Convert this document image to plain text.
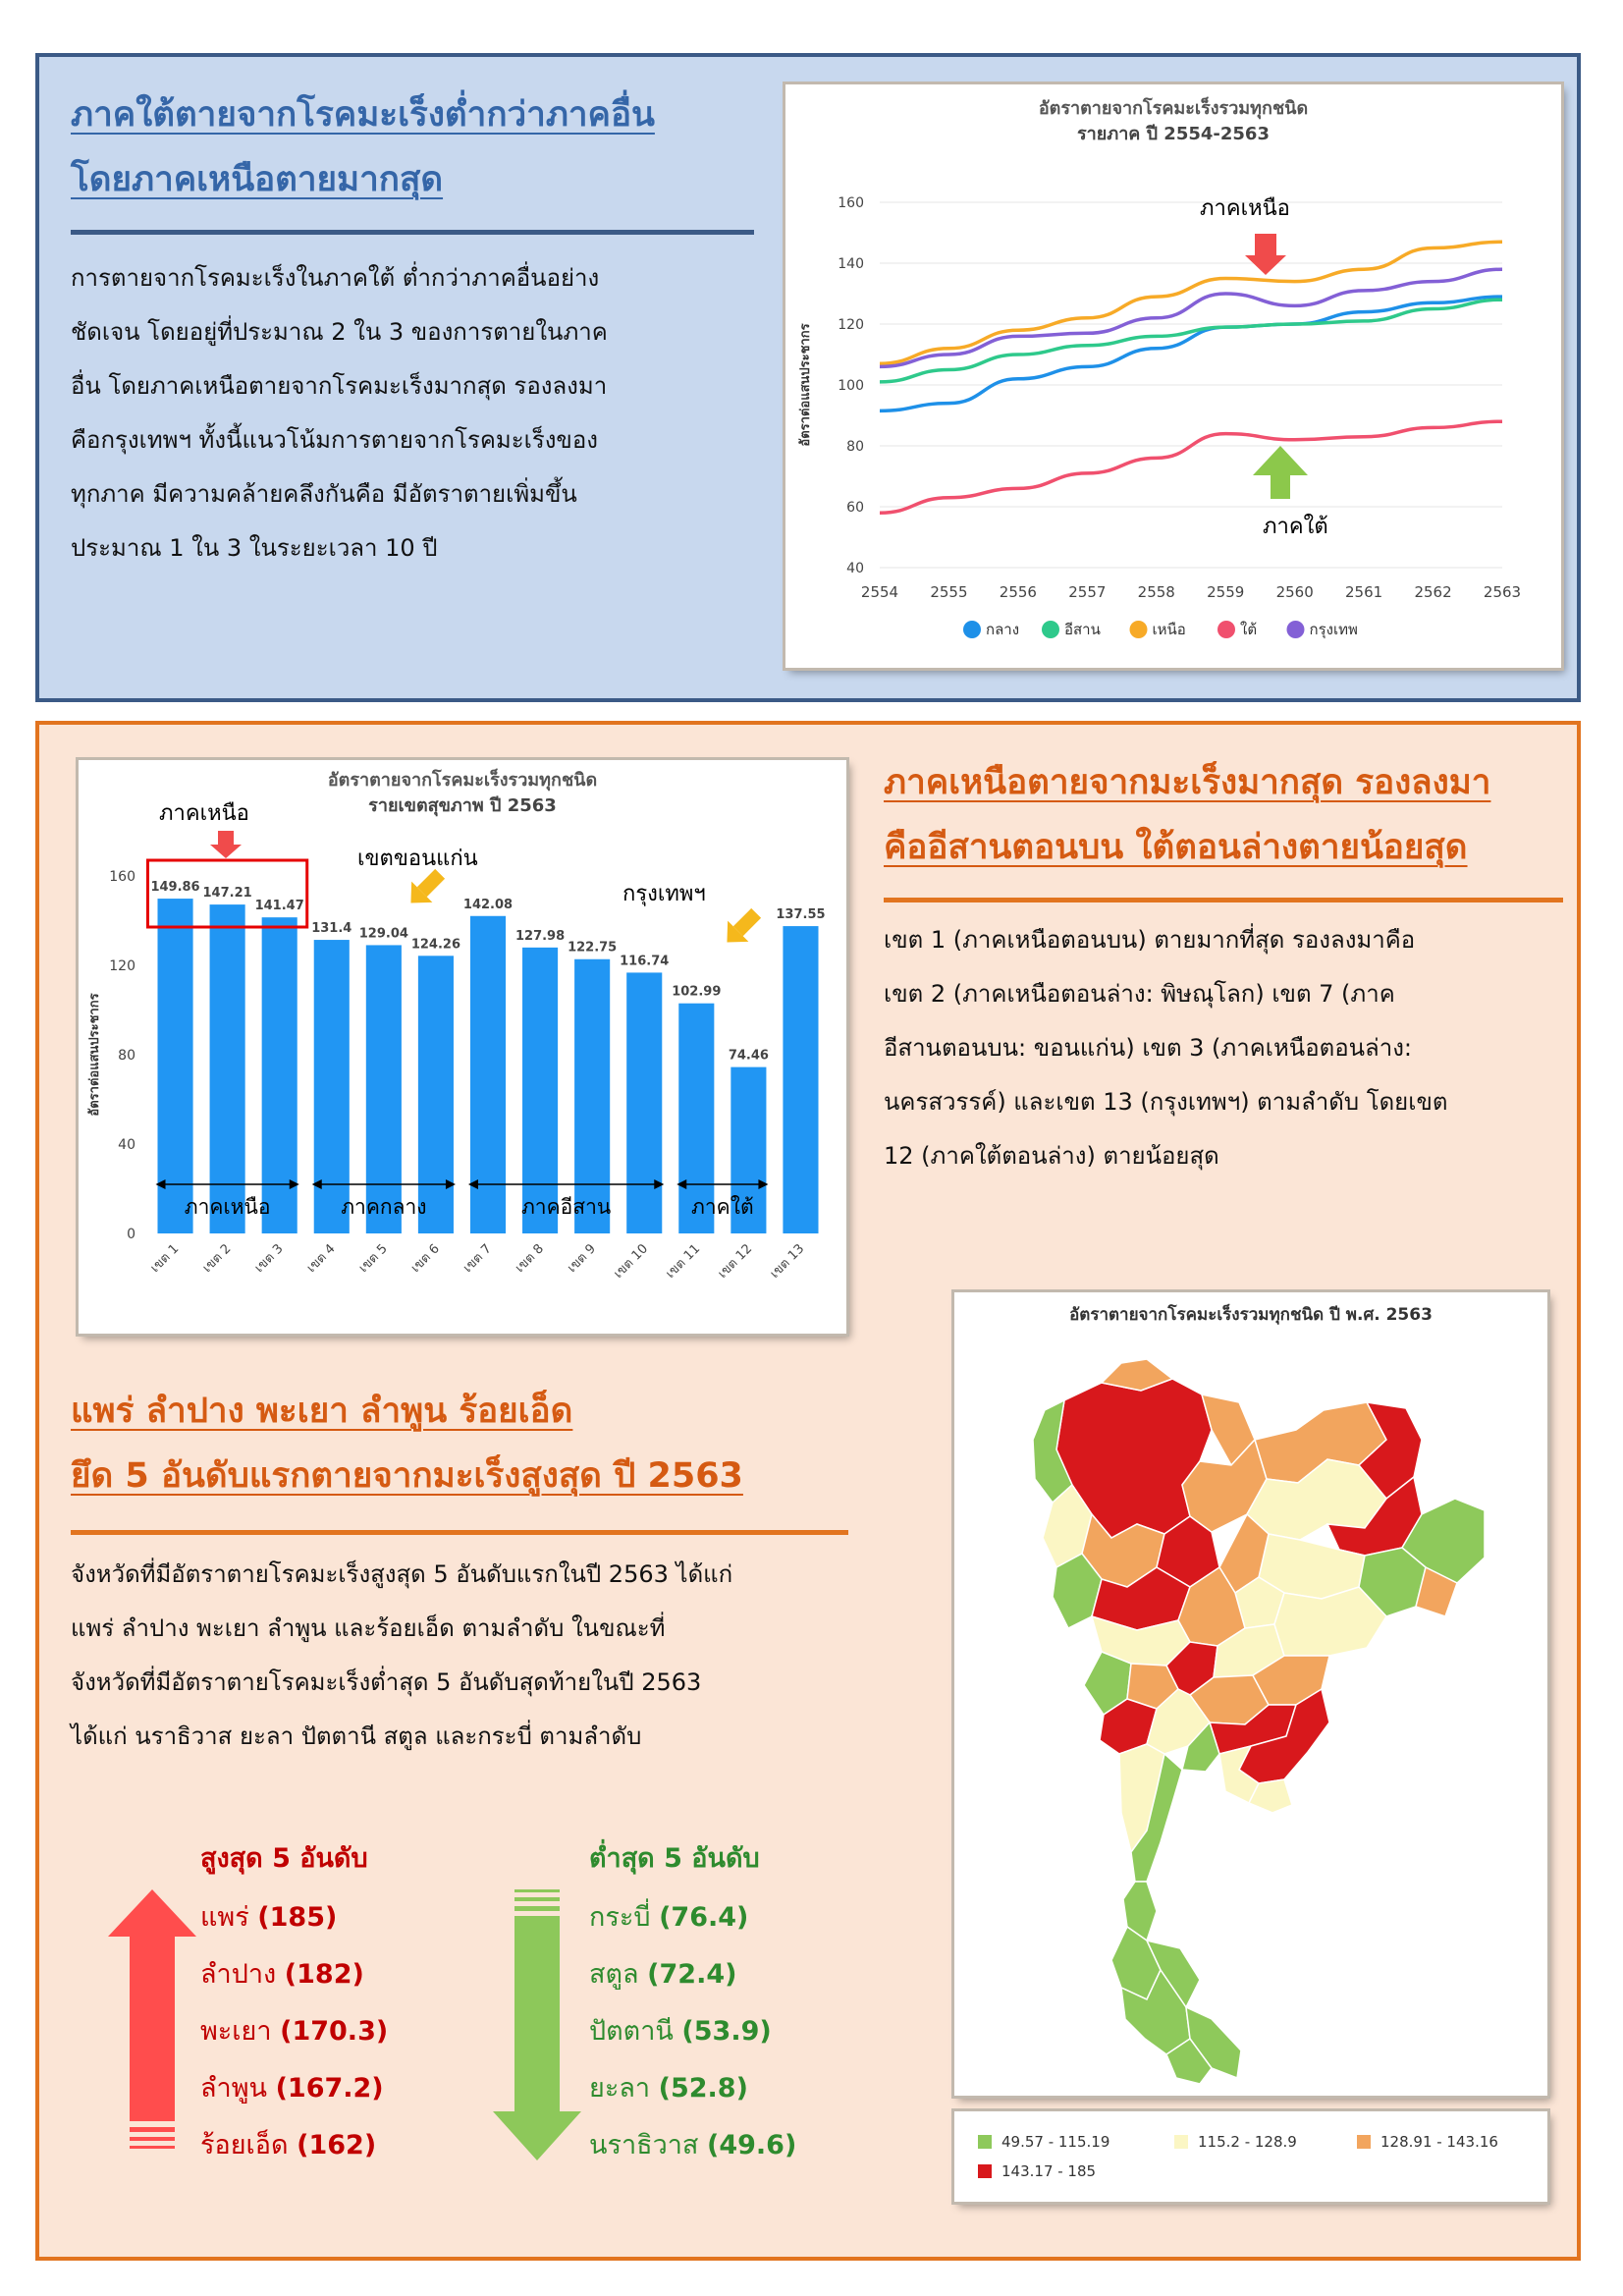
ภาคใต้ตายจากโรคมะเร็งต่ำกว่าภาคอื่น
โดยภาคเหนือตายมากสุด
การตายจากโรคมะเร็งในภาคใต้ ต่ำกว่าภาคอื่นอย่าง
ชัดเจน โดยอยู่ที่ประมาณ 2 ใน 3 ของการตายในภาค
อื่น โดยภาคเหนือตายจากโรคมะเร็งมากสุด รองลงมา
คือกรุงเทพฯ ทั้งนี้แนวโน้มการตายจากโรคมะเร็งของ
ทุกภาค มีความคล้ายคลึงกันคือ มีอัตราตายเพิ่มขึ้น
ประมาณ 1 ใน 3 ในระยะเวลา 10 ปี
อัตราตายจากโรคมะเร็งรวมทุกชนิด
รายภาค ปี 2554-2563
40
60
80
100
120
140
160
2554 2555 2556 2557 2558 2559 2560 2561 2562 2563
อัตราต่อแสนประชากร
กลาง	อีสาน	เหนือ	ใต้	กรุงเทพ
ภาคเหนือ
ภาคใต้
อัตราตายจากโรคมะเร็งรวมทุกชนิด
รายเขตสุขภาพ ปี 2563
0
40
80
120
160
อัตราต่อแสนประชากร
149.86
เขต 1
147.21
เขต 2
141.47
เขต 3
131.4
เขต 4
129.04
เขต 5
124.26
เขต 6
142.08
เขต 7
127.98
เขต 8
122.75
เขต 9
116.74
เขต 10
102.99
เขต 11
74.46
เขต 12
137.55
เขต 13
ภาคเหนือ	ภาคกลาง	ภาคอีสาน	ภาคใต้
ภาคเหนือ
เขตขอนแก่น
กรุงเทพฯ
ภาคเหนือตายจากมะเร็งมากสุด รองลงมา
คืออีสานตอนบน ใต้ตอนล่างตายน้อยสุด
เขต 1 (ภาคเหนือตอนบน) ตายมากที่สุด รองลงมาคือ
เขต 2 (ภาคเหนือตอนล่าง: พิษณุโลก) เขต 7 (ภาค
อีสานตอนบน: ขอนแก่น) เขต 3 (ภาคเหนือตอนล่าง:
นครสวรรค์) และเขต 13 (กรุงเทพฯ) ตามลำดับ โดยเขต
12 (ภาคใต้ตอนล่าง) ตายน้อยสุด
แพร่ ลำปาง พะเยา ลำพูน ร้อยเอ็ด
ยึด 5 อันดับแรกตายจากมะเร็งสูงสุด ปี 2563
จังหวัดที่มีอัตราตายโรคมะเร็งสูงสุด 5 อันดับแรกในปี 2563 ได้แก่
แพร่ ลำปาง พะเยา ลำพูน และร้อยเอ็ด ตามลำดับ ในขณะที่
จังหวัดที่มีอัตราตายโรคมะเร็งต่ำสุด 5 อันดับสุดท้ายในปี 2563
ได้แก่ นราธิวาส ยะลา ปัตตานี สตูล และกระบี่ ตามลำดับ
สูงสุด 5 อันดับ
แพร่ (185)
ลำปาง (182)
พะเยา (170.3)
ลำพูน (167.2)
ร้อยเอ็ด (162)
ต่ำสุด 5 อันดับ
กระบี่ (76.4)
สตูล (72.4)
ปัตตานี (53.9)
ยะลา (52.8)
นราธิวาส (49.6)
อัตราตายจากโรคมะเร็งรวมทุกชนิด ปี พ.ศ. 2563
49.57 - 115.19	115.2 - 128.9	128.91 - 143.16
143.17 - 185
